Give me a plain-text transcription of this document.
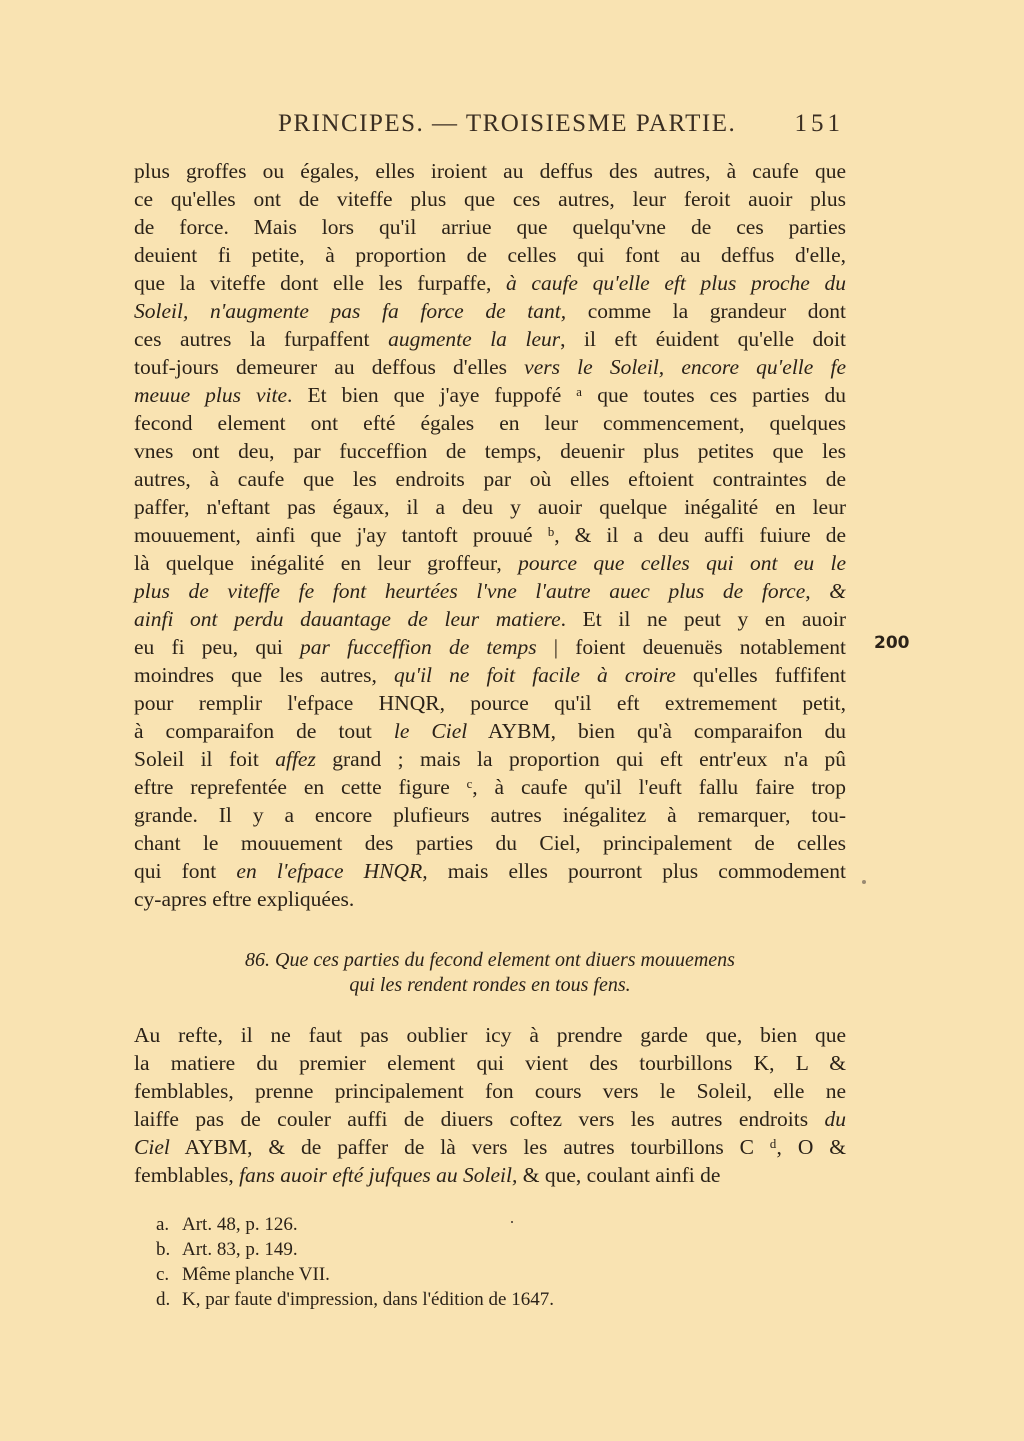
PRINCIPES. — TROISIESME PARTIE. 151
plus groffes ou égales, elles iroient au deffus des autres, à caufe que
ce qu'elles ont de viteffe plus que ces autres, leur feroit auoir plus
de force. Mais lors qu'il arriue que quelqu'vne de ces parties
deuient fi petite, à proportion de celles qui font au deffus d'elle,
que la viteffe dont elle les furpaffe, à caufe qu'elle eft plus proche du
Soleil, n'augmente pas fa force de tant, comme la grandeur dont
ces autres la furpaffent augmente la leur, il eft éuident qu'elle doit
touf-jours demeurer au deffous d'elles vers le Soleil, encore qu'elle fe
meuue plus vite. Et bien que j'aye fuppofé ᵃ que toutes ces parties du
fecond element ont efté égales en leur commencement, quelques
vnes ont deu, par fucceffion de temps, deuenir plus petites que les
autres, à caufe que les endroits par où elles eftoient contraintes de
paffer, n'eftant pas égaux, il a deu y auoir quelque inégalité en leur
mouuement, ainfi que j'ay tantoft prouué ᵇ, & il a deu auffi fuiure de
là quelque inégalité en leur groffeur, pource que celles qui ont eu le
plus de viteffe fe font heurtées l'vne l'autre auec plus de force, &
ainfi ont perdu dauantage de leur matiere. Et il ne peut y en auoir
eu fi peu, qui par fucceffion de temps | foient deuenuës notablement
moindres que les autres, qu'il ne foit facile à croire qu'elles fuffifent
pour remplir l'efpace HNQR, pource qu'il eft extremement petit,
à comparaifon de tout le Ciel AYBM, bien qu'à comparaifon du
Soleil il foit affez grand ; mais la proportion qui eft entr'eux n'a pû
eftre reprefentée en cette figure ᶜ, à caufe qu'il l'euft fallu faire trop
grande. Il y a encore plufieurs autres inégalitez à remarquer, tou-
chant le mouuement des parties du Ciel, principalement de celles
qui font en l'efpace HNQR, mais elles pourront plus commodement
cy-apres eftre expliquées.
200
86. Que ces parties du fecond element ont diuers mouuemens
qui les rendent rondes en tous fens.
Au refte, il ne faut pas oublier icy à prendre garde que, bien que
la matiere du premier element qui vient des tourbillons K, L &
femblables, prenne principalement fon cours vers le Soleil, elle ne
laiffe pas de couler auffi de diuers coftez vers les autres endroits du
Ciel AYBM, & de paffer de là vers les autres tourbillons C ᵈ, O &
femblables, fans auoir efté jufques au Soleil, & que, coulant ainfi de
a. Art. 48, p. 126.
b. Art. 83, p. 149.
c. Même planche VII.
d. K, par faute d'impression, dans l'édition de 1647.
